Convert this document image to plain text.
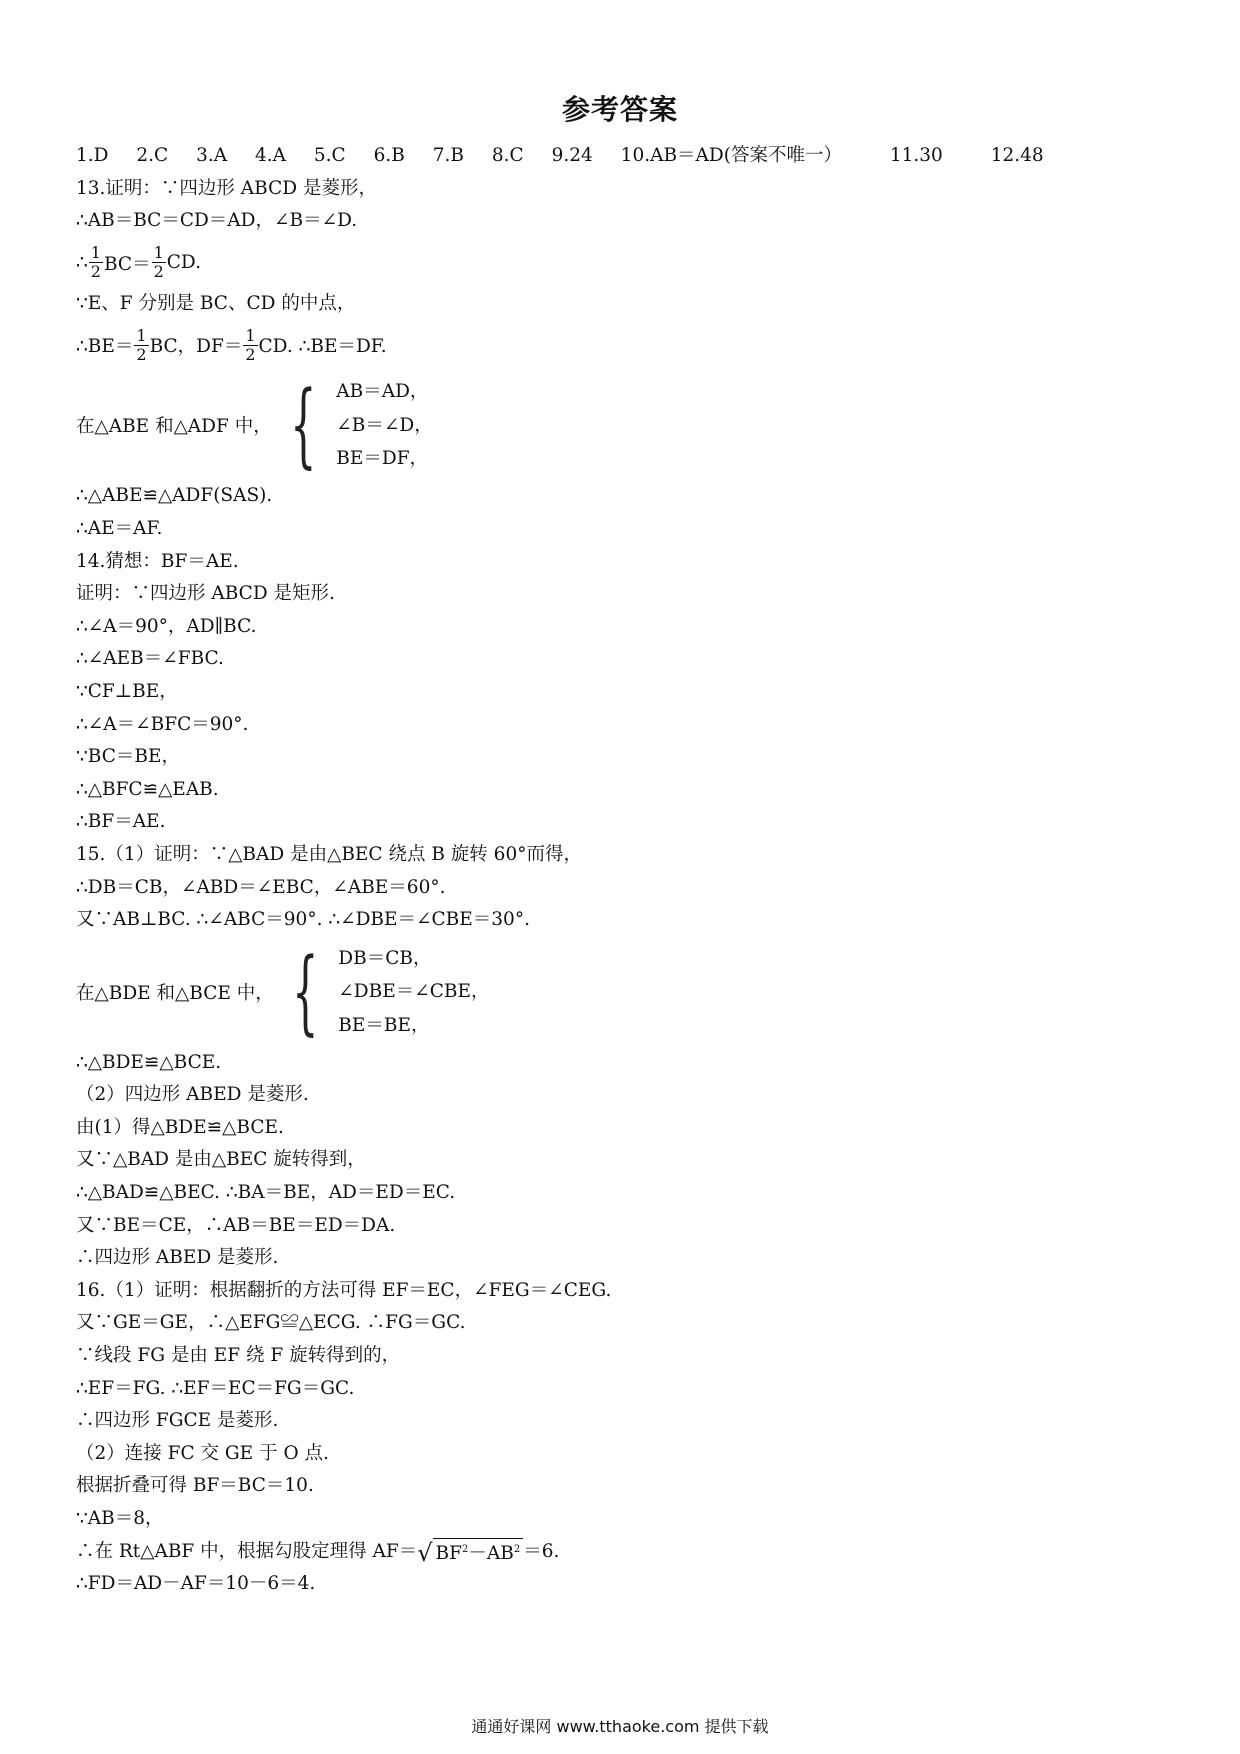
参考答案
1.D 2.C 3.A 4.A 5.C 6.B 7.B 8.C 9.24 10.AB＝AD(答案不唯一）	11.30	12.48
13.证明：∵四边形 ABCD 是菱形，
∴AB＝BC＝CD＝AD，∠B＝∠D.
∴ $\frac{1}{2} BC= \frac{1}{2}$ CD.
∵E、F 分别是 BC、CD 的中点，
∴BE＝ $\frac{1}{2}$ BC，$DF= \frac{1}{2}$ CD. ∴BE＝DF.
在△ABE 和△ADF 中， { AB＝AD，
∠B＝∠D，
BE＝DF，
∴△ABE≌△ADF(SAS).
∴AE＝AF.
14.猜想：BF＝AE.
证明：∵四边形 ABCD 是矩形.
∴∠A＝90°，AD∥BC.
∴∠AEB＝∠FBC.
∵CF⊥BE，
∴∠A＝∠BFC＝90°.
∵BC＝BE，
∴△BFC≌△EAB.
∴BF＝AE.
15.（1）证明：∵△BAD 是由△BEC 绕点 B 旋转 60°而得，
∴DB＝CB，∠ABD＝∠EBC，∠ABE＝60°.
又∵AB⊥BC. ∴∠ABC＝90°. ∴∠DBE＝∠CBE＝30°.
在△BDE 和△BCE 中， { DB＝CB，
∠DBE＝∠CBE，
BE＝BE，
∴△BDE≌△BCE.
（2）四边形 ABED 是菱形.
由(1）得△BDE≌△BCE.
又∵△BAD 是由△BEC 旋转得到，
∴△BAD≌△BEC. ∴BA＝BE，AD＝ED＝EC.
又∵BE＝CE，∴AB＝BE＝ED＝DA.
∴四边形 ABED 是菱形.
16.（1）证明：根据翻折的方法可得 EF＝EC，∠FEG＝∠CEG.
又∵GE＝GE，∴△EFG≌△ECG. ∴FG＝GC.
∵线段 FG 是由 EF 绕 F 旋转得到的，
∴EF＝FG. ∴EF＝EC＝FG＝GC.
∴四边形 FGCE 是菱形.
（2）连接 FC 交 GE 于 O 点.
根据折叠可得 BF＝BC＝10.
∵AB＝8，
∴在 Rt△ABF 中，根据勾股定理得 AF＝ √ $BF^2-AB^2 =6$.
∴FD＝AD－AF＝10－6＝4.
通通好课网 www.tthaoke.com 提供下载
